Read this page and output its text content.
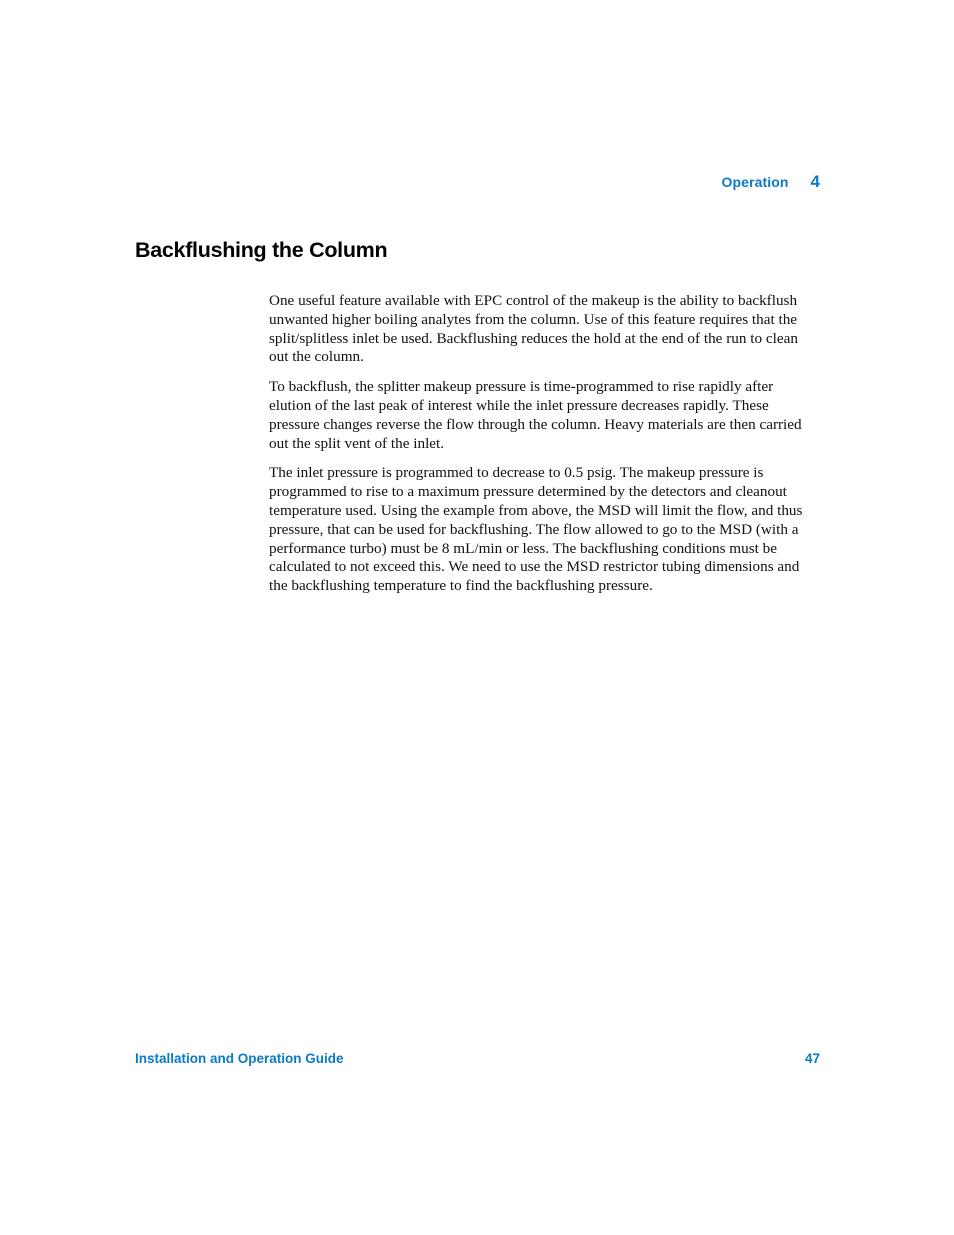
Operation 4
Backflushing the Column

One useful feature available with EPC control of the makeup is the ability to backflush unwanted higher boiling analytes from the column. Use of this feature requires that the split/splitless inlet be used. Backflushing reduces the hold at the end of the run to clean out the column.

To backflush, the splitter makeup pressure is time-programmed to rise rapidly after elution of the last peak of interest while the inlet pressure decreases rapidly. These pressure changes reverse the flow through the column. Heavy materials are then carried out the split vent of the inlet.

The inlet pressure is programmed to decrease to 0.5 psig. The makeup pressure is programmed to rise to a maximum pressure determined by the detectors and cleanout temperature used. Using the example from above, the MSD will limit the flow, and thus pressure, that can be used for backflushing. The flow allowed to go to the MSD (with a performance turbo) must be 8 mL/min or less. The backflushing conditions must be calculated to not exceed this. We need to use the MSD restrictor tubing dimensions and the backflushing temperature to find the backflushing pressure.

Installation and Operation Guide	47
